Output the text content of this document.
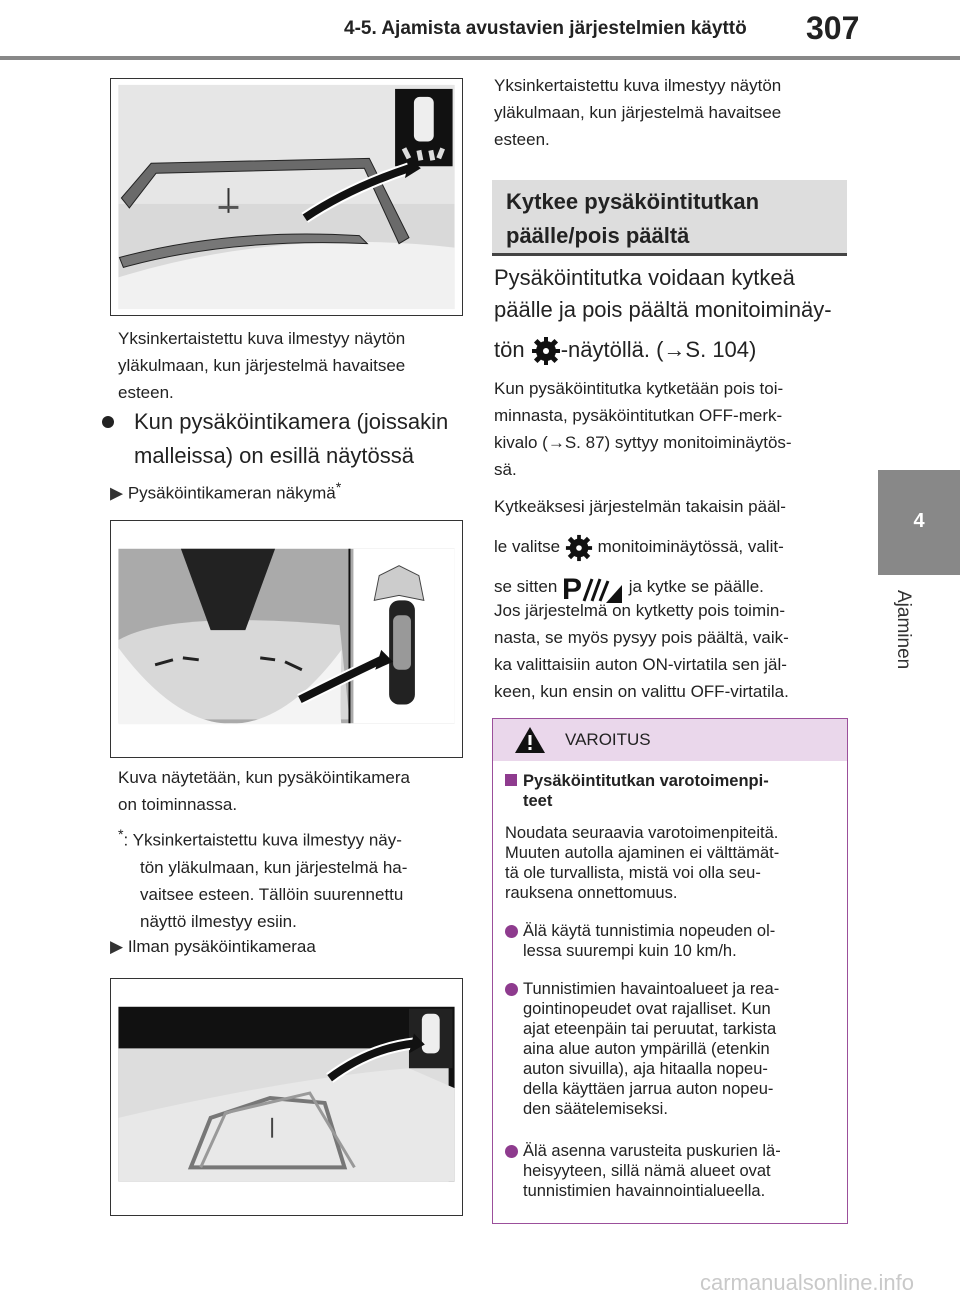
4-5. Ajamista avustavien järjestelmien käyttö 307
4
Ajaminen
Yksinkertaistettu kuva ilmestyy näytön
yläkulmaan, kun järjestelmä havaitsee
esteen.
Kun pysäköintikamera (joissakin
malleissa) on esillä näytössä
▶ Pysäköintikameran näkymä*
Kuva näytetään, kun pysäköintikamera
on toiminnassa.
*: Yksinkertaistettu kuva ilmestyy näy-
tön yläkulmaan, kun järjestelmä ha-
vaitsee esteen. Tällöin suurennettu
näyttö ilmestyy esiin.
▶ Ilman pysäköintikameraa
Yksinkertaistettu kuva ilmestyy näytön
yläkulmaan, kun järjestelmä havaitsee
esteen.
Kytkee pysäköintitutkan
päälle/pois päältä
Pysäköintitutka voidaan kytkeä
päälle ja pois päältä monitoiminäy-
tön -näytöllä. (→S. 104)
Kun pysäköintitutka kytketään pois toi-
minnasta, pysäköintitutkan OFF-merk-
kivalo (→S. 87) syttyy monitoiminäytös-
sä.
Kytkeäksesi järjestelmän takaisin pääl-
le valitse monitoiminäytössä, valit-
se sitten P	ja kytke se päälle.
Jos järjestelmä on kytketty pois toimin-
nasta, se myös pysyy pois päältä, vaik-
ka valittaisiin auton ON-virtatila sen jäl-
keen, kun ensin on valittu OFF-virtatila.
VAROITUS
Pysäköintitutkan varotoimenpi-
teet
Noudata seuraavia varotoimenpiteitä.
Muuten autolla ajaminen ei välttämät-
tä ole turvallista, mistä voi olla seu-
rauksena onnettomuus.
Älä käytä tunnistimia nopeuden ol-
lessa suurempi kuin 10 km/h.
Tunnistimien havaintoalueet ja rea-
gointinopeudet ovat rajalliset. Kun
ajat eteenpäin tai peruutat, tarkista
aina alue auton ympärillä (etenkin
auton sivuilla), aja hitaalla nopeu-
della käyttäen jarrua auton nopeu-
den säätelemiseksi.
Älä asenna varusteita puskurien lä-
heisyyteen, sillä nämä alueet ovat
tunnistimien havainnointialueella.
carmanualsonline.info
